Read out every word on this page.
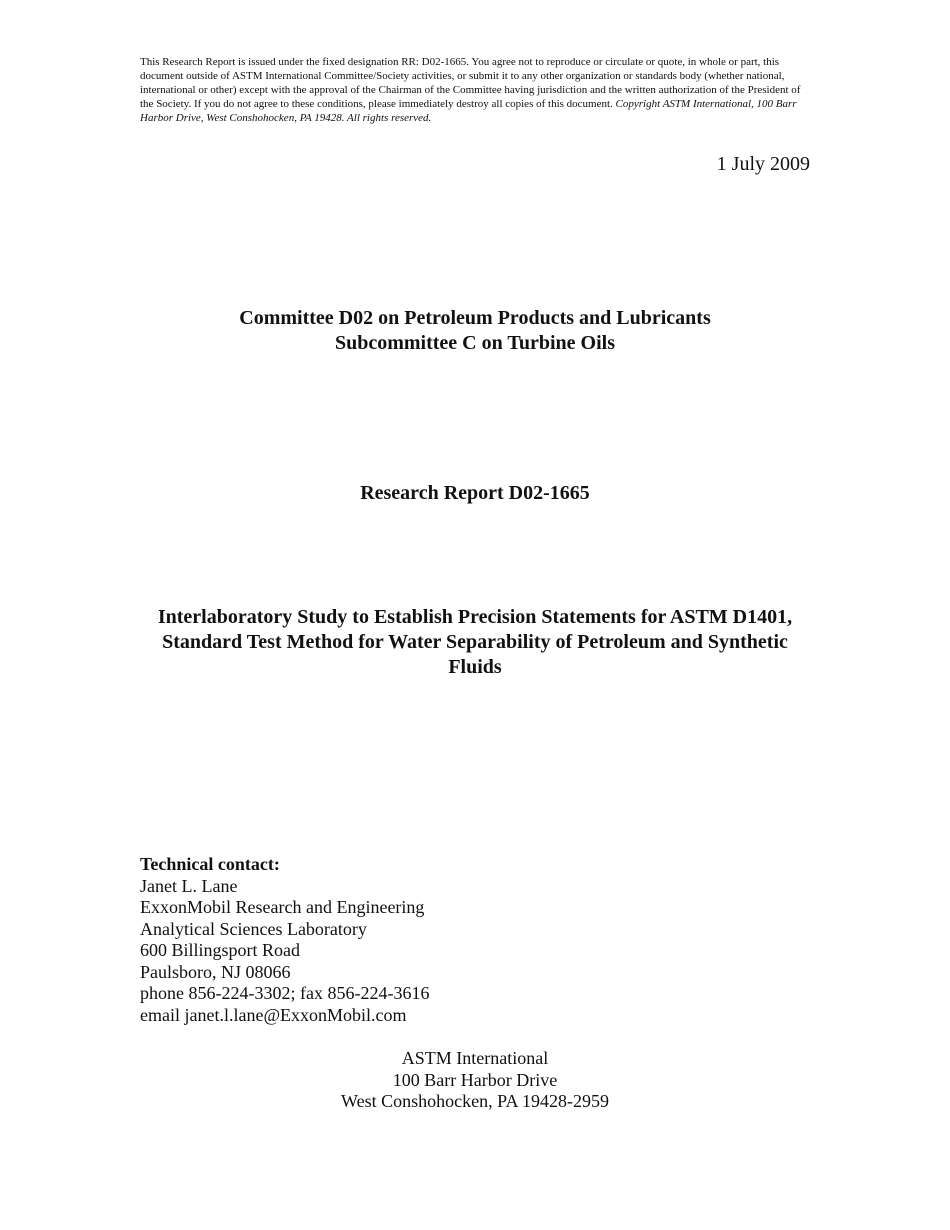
This Research Report is issued under the fixed designation RR: D02-1665. You agree not to reproduce or circulate or quote, in whole or part, this document outside of ASTM International Committee/Society activities, or submit it to any other organization or standards body (whether national, international or other) except with the approval of the Chairman of the Committee having jurisdiction and the written authorization of the President of the Society. If you do not agree to these conditions, please immediately destroy all copies of this document. Copyright ASTM International, 100 Barr Harbor Drive, West Conshohocken, PA 19428. All rights reserved.

1 July 2009

Committee D02 on Petroleum Products and Lubricants
Subcommittee C on Turbine Oils
Research Report D02-1665
Interlaboratory Study to Establish Precision Statements for ASTM D1401, Standard Test Method for Water Separability of Petroleum and Synthetic Fluids
Technical contact:
Janet L. Lane
ExxonMobil Research and Engineering
Analytical Sciences Laboratory
600 Billingsport Road
Paulsboro, NJ 08066
phone 856-224-3302; fax 856-224-3616
email janet.l.lane@ExxonMobil.com
ASTM International
100 Barr Harbor Drive
West Conshohocken, PA 19428-2959
